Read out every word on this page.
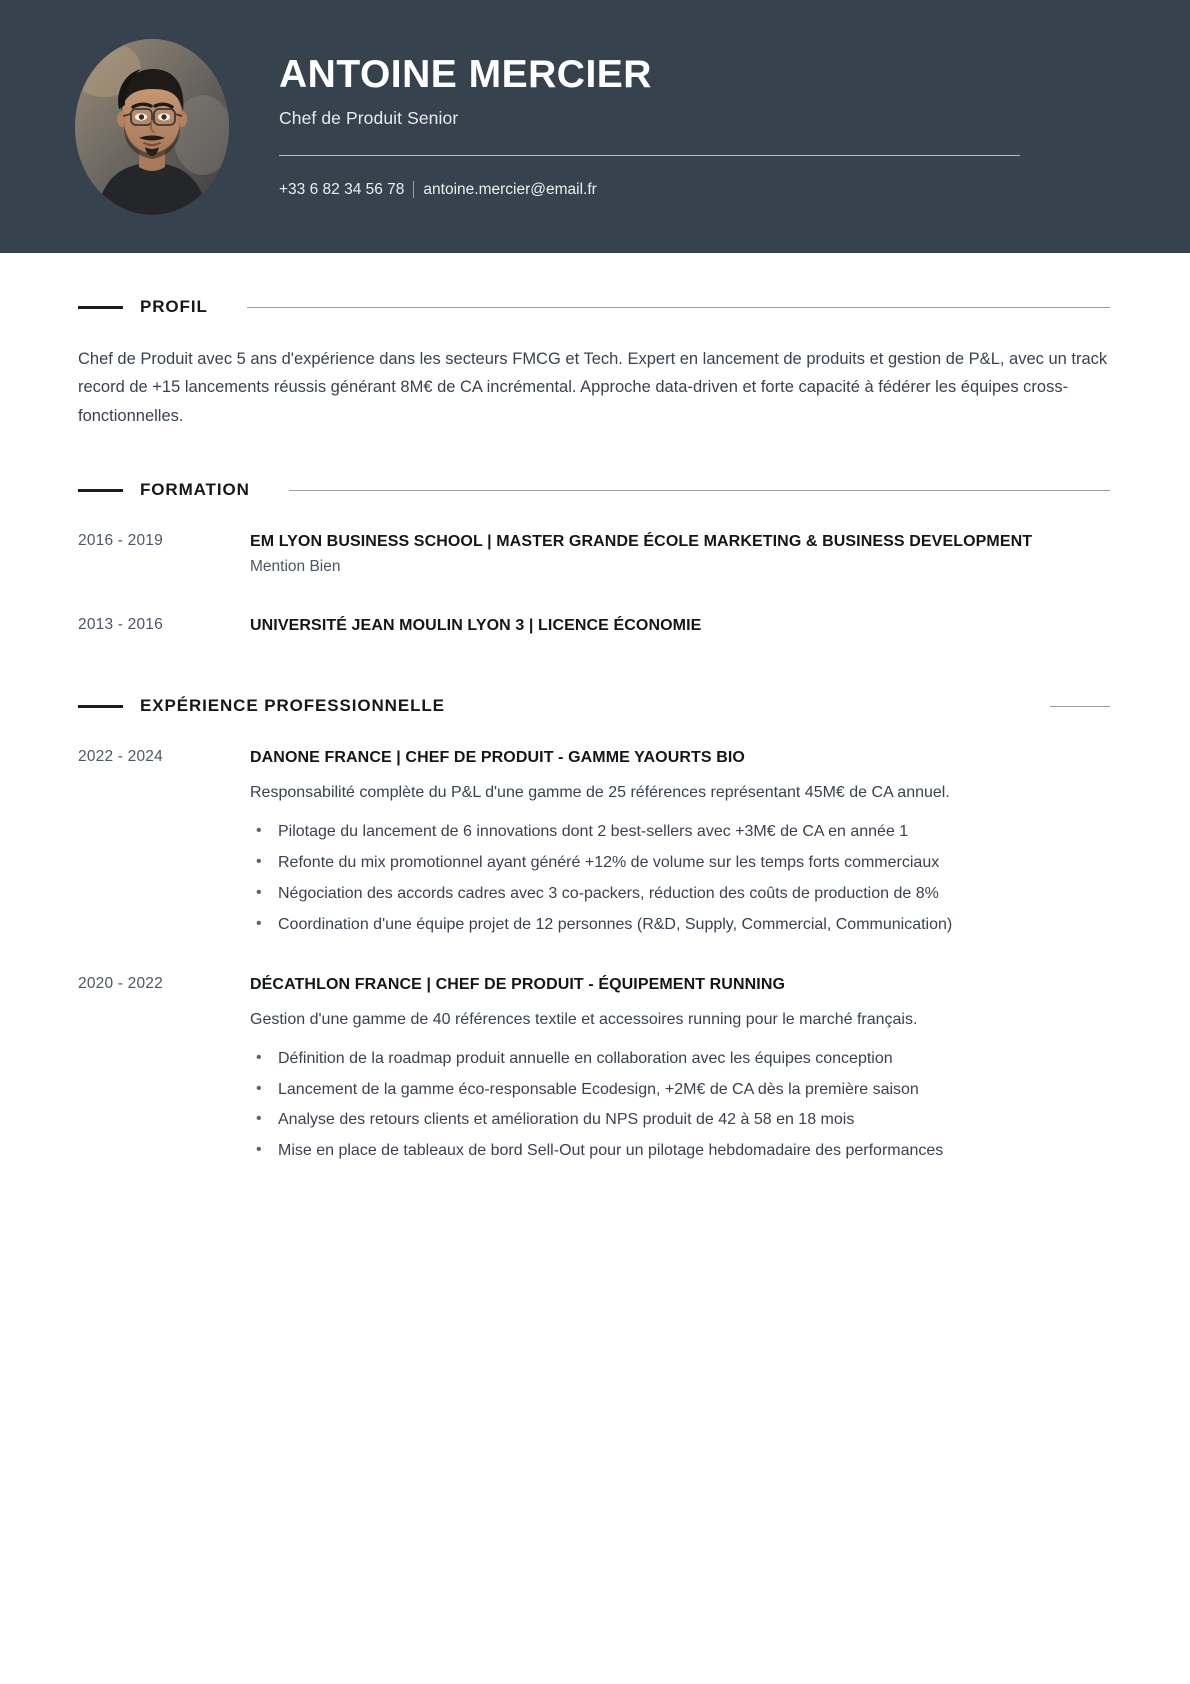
ANTOINE MERCIER
Chef de Produit Senior
+33 6 82 34 56 78 antoine.mercier@email.fr
PROFIL

Chef de Produit avec 5 ans d'expérience dans les secteurs FMCG et Tech. Expert en lancement de produits et gestion de P&L, avec un track record de +15 lancements réussis générant 8M€ de CA incrémental. Approche data-driven et forte capacité à fédérer les équipes cross-fonctionnelles.

FORMATION
2016 - 2019	EM LYON BUSINESS SCHOOL | MASTER GRANDE ÉCOLE MARKETING & BUSINESS DEVELOPMENT
Mention Bien
2013 - 2016	UNIVERSITÉ JEAN MOULIN LYON 3 | LICENCE ÉCONOMIE
EXPÉRIENCE PROFESSIONNELLE
2022 - 2024	DANONE FRANCE | CHEF DE PRODUIT - GAMME YAOURTS BIO
Responsabilité complète du P&L d'une gamme de 25 références représentant 45M€ de CA annuel.
• Pilotage du lancement de 6 innovations dont 2 best-sellers avec +3M€ de CA en année 1
• Refonte du mix promotionnel ayant généré +12% de volume sur les temps forts commerciaux
• Négociation des accords cadres avec 3 co-packers, réduction des coûts de production de 8%
• Coordination d'une équipe projet de 12 personnes (R&D, Supply, Commercial, Communication)
2020 - 2022	DÉCATHLON FRANCE | CHEF DE PRODUIT - ÉQUIPEMENT RUNNING
Gestion d'une gamme de 40 références textile et accessoires running pour le marché français.
• Définition de la roadmap produit annuelle en collaboration avec les équipes conception
• Lancement de la gamme éco-responsable Ecodesign, +2M€ de CA dès la première saison
• Analyse des retours clients et amélioration du NPS produit de 42 à 58 en 18 mois
• Mise en place de tableaux de bord Sell-Out pour un pilotage hebdomadaire des performances
